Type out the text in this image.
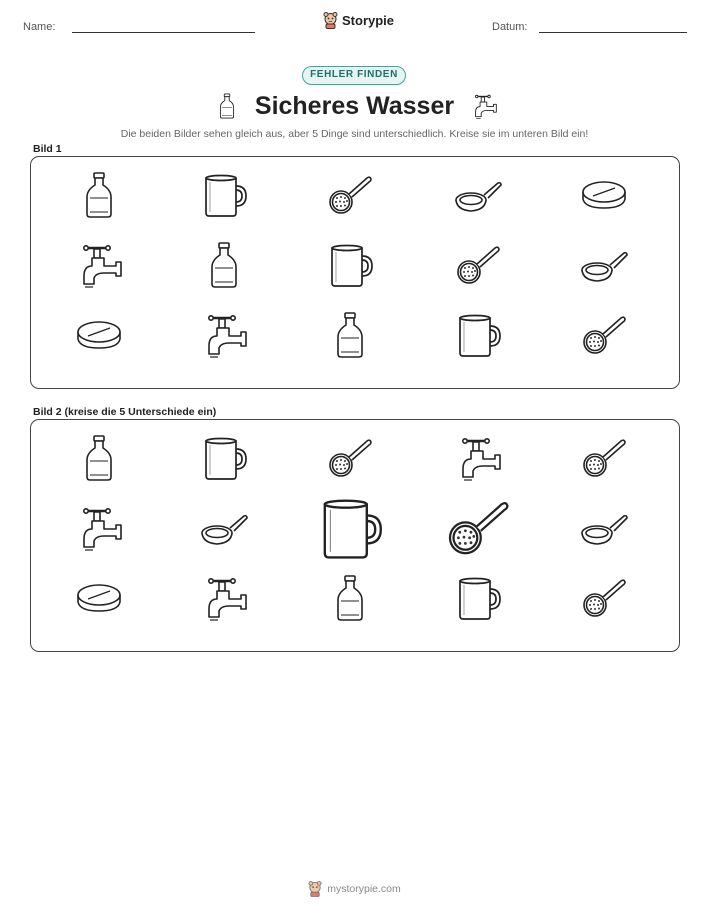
Name:	Storypie	Datum:
FEHLER FINDEN
Sicheres Wasser
Die beiden Bilder sehen gleich aus, aber 5 Dinge sind unterschiedlich. Kreise sie im unteren Bild ein!
Bild 1
Bild 2 (kreise die 5 Unterschiede ein)
mystorypie.com
